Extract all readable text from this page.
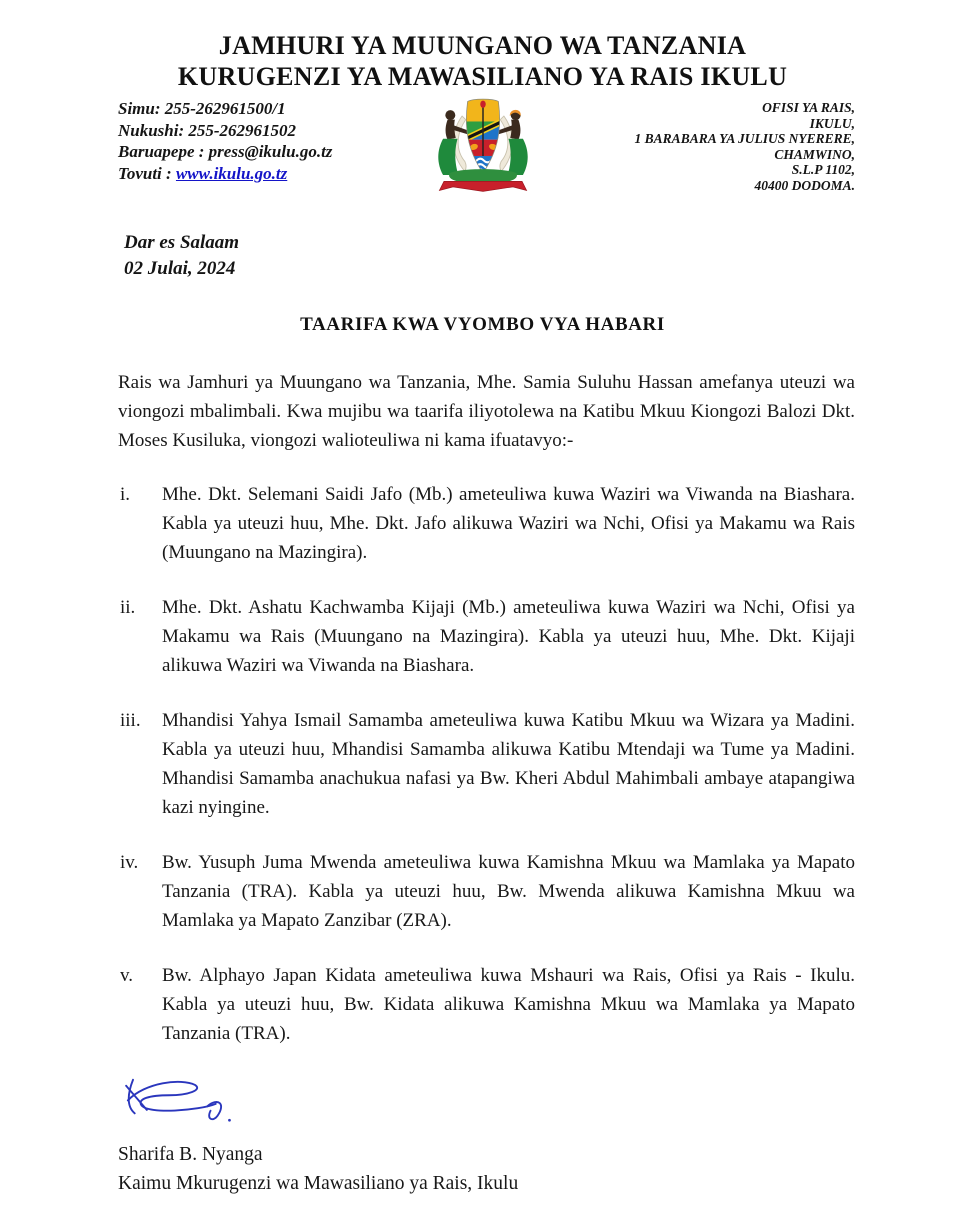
JAMHURI YA MUUNGANO WA TANZANIA
KURUGENZI YA MAWASILIANO YA RAIS IKULU
Simu: 255-262961500/1
Nukushi: 255-262961502
Baruapepe : press@ikulu.go.tz
Tovuti : www.ikulu.go.tz
OFISI YA RAIS,
IKULU,
1 BARABARA YA JULIUS NYERERE,
CHAMWINO,
S.L.P 1102,
40400 DODOMA.
Dar es Salaam
02 Julai, 2024
TAARIFA KWA VYOMBO VYA HABARI

Rais wa Jamhuri ya Muungano wa Tanzania, Mhe. Samia Suluhu Hassan amefanya uteuzi wa viongozi mbalimbali. Kwa mujibu wa taarifa iliyotolewa na Katibu Mkuu Kiongozi Balozi Dkt. Moses Kusiluka, viongozi walioteuliwa ni kama ifuatavyo:-

i.	Mhe. Dkt. Selemani Saidi Jafo (Mb.) ameteuliwa kuwa Waziri wa Viwanda na Biashara. Kabla ya uteuzi huu, Mhe. Dkt. Jafo alikuwa Waziri wa Nchi, Ofisi ya Makamu wa Rais (Muungano na Mazingira).
ii.	Mhe. Dkt. Ashatu Kachwamba Kijaji (Mb.) ameteuliwa kuwa Waziri wa Nchi, Ofisi ya Makamu wa Rais (Muungano na Mazingira). Kabla ya uteuzi huu, Mhe. Dkt. Kijaji alikuwa Waziri wa Viwanda na Biashara.
iii.	Mhandisi Yahya Ismail Samamba ameteuliwa kuwa Katibu Mkuu wa Wizara ya Madini. Kabla ya uteuzi huu, Mhandisi Samamba alikuwa Katibu Mtendaji wa Tume ya Madini. Mhandisi Samamba anachukua nafasi ya Bw. Kheri Abdul Mahimbali ambaye atapangiwa kazi nyingine.
iv.	Bw. Yusuph Juma Mwenda ameteuliwa kuwa Kamishna Mkuu wa Mamlaka ya Mapato Tanzania (TRA). Kabla ya uteuzi huu, Bw. Mwenda alikuwa Kamishna Mkuu wa Mamlaka ya Mapato Zanzibar (ZRA).
v.	Bw. Alphayo Japan Kidata ameteuliwa kuwa Mshauri wa Rais, Ofisi ya Rais - Ikulu. Kabla ya uteuzi huu, Bw. Kidata alikuwa Kamishna Mkuu wa Mamlaka ya Mapato Tanzania (TRA).
Sharifa B. Nyanga
Kaimu Mkurugenzi wa Mawasiliano ya Rais, Ikulu
